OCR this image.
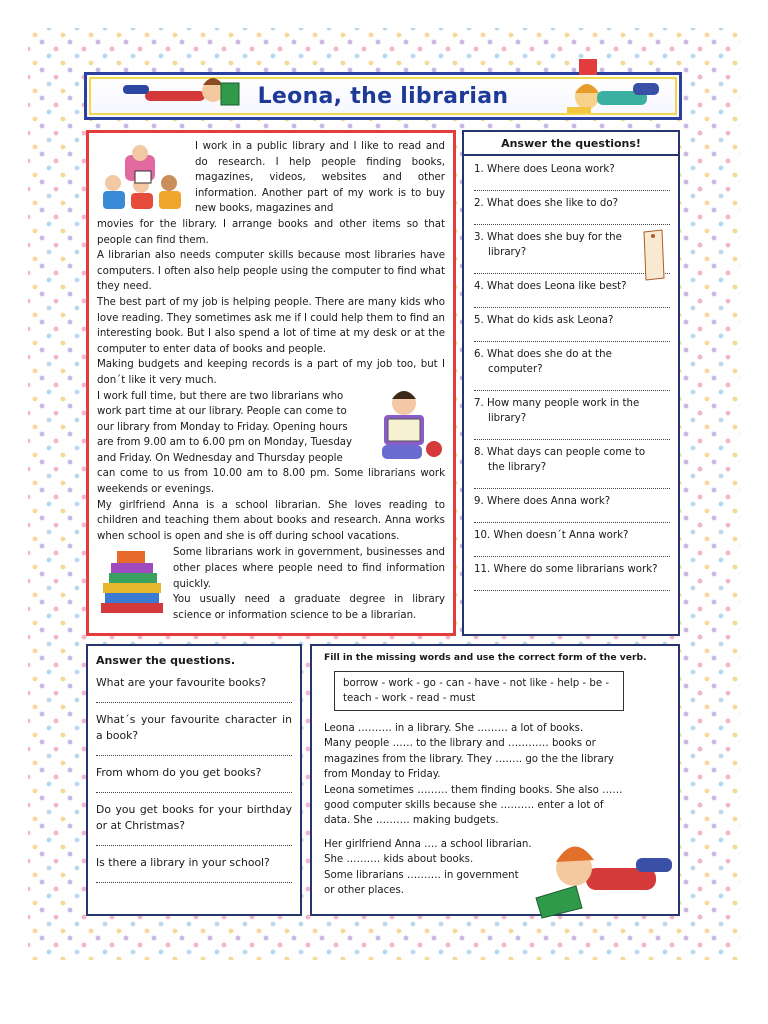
Leona, the librarian

I work in a public library and I like to read and do research. I help people finding books, magazines, videos, websites and other information. Another part of my work is to buy new books, magazines and

movies for the library. I arrange books and other items so that people can find them.

A librarian also needs computer skills because most libraries have computers. I often also help people using the computer to find what they need.

The best part of my job is helping people. There are many kids who love reading. They sometimes ask me if I could help them to find an interesting book. But I also spend a lot of time at my desk or at the computer to enter data of books and people.

Making budgets and keeping records is a part of my job too, but I don´t like it very much.

I work full time, but there are two librarians who

work part time at our library. People can come to

our library from Monday to Friday. Opening hours

are from 9.00 am to 6.00 pm on Monday, Tuesday

and Friday. On Wednesday and Thursday people

can come to us from 10.00 am to 8.00 pm. Some librarians work weekends or evenings.

My girlfriend Anna is a school librarian. She loves reading to children and teaching them about books and research. Anna works when school is open and she is off during school vacations.

Some librarians work in government, businesses and other places where people need to find information quickly.

You usually need a graduate degree in library science or information science to be a librarian.

Answer the questions!
1. Where does Leona work?
2. What does she like to do?
3. What does she buy for the library?
4. What does Leona like best?
5. What do kids ask Leona?
6. What does she do at the computer?
7. How many people work in the library?
8. What days can people come to the library?
9. Where does Anna work?
10. When doesn´t Anna work?
11. Where do some librarians work?
Answer the questions.
What are your favourite books?
What´s your favourite character in a book?
From whom do you get books?
Do you get books for your birthday or at Christmas?
Is there a library in your school?
Fill in the missing words and use the correct form of the verb.
borrow - work - go - can - have - not like - help - be - teach - work - read - must

Leona ………. in a library. She ……… a lot of books.

Many people …… to the library and ………… books or

magazines from the library. They …….. go the the library

from Monday to Friday.

Leona sometimes ……… them finding books. She also ……

good computer skills because she ………. enter a lot of

data. She ………. making budgets.

Her girlfriend Anna …. a school librarian.

She ………. kids about books.

Some librarians ………. in government

or other places.
